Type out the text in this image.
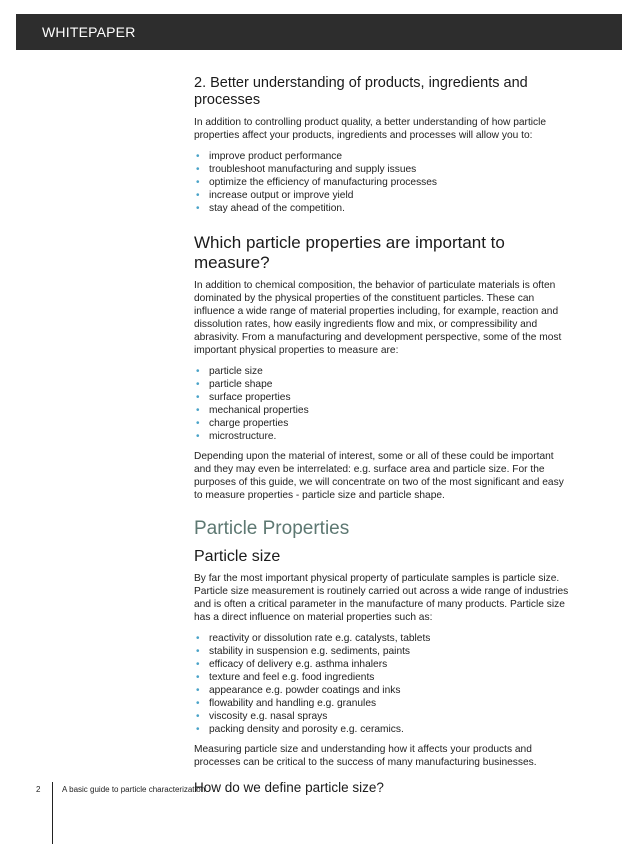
WHITEPAPER
2. Better understanding of products, ingredients and processes

In addition to controlling product quality, a better understanding of how particle properties affect your products, ingredients and processes will allow you to:

• improve product performance
• troubleshoot manufacturing and supply issues
• optimize the efficiency of manufacturing processes
• increase output or improve yield
• stay ahead of the competition.
Which particle properties are important to measure?

In addition to chemical composition, the behavior of particulate materials is often dominated by the physical properties of the constituent particles. These can influence a wide range of material properties including, for example, reaction and dissolution rates, how easily ingredients flow and mix, or compressibility and abrasivity. From a manufacturing and development perspective, some of the most important physical properties to measure are:

• particle size
• particle shape
• surface properties
• mechanical properties
• charge properties
• microstructure.

Depending upon the material of interest, some or all of these could be important and they may even be interrelated: e.g. surface area and particle size. For the purposes of this guide, we will concentrate on two of the most significant and easy to measure properties - particle size and particle shape.

Particle Properties
Particle size

By far the most important physical property of particulate samples is particle size. Particle size measurement is routinely carried out across a wide range of industries and is often a critical parameter in the manufacture of many products. Particle size has a direct influence on material properties such as:

• reactivity or dissolution rate e.g. catalysts, tablets
• stability in suspension e.g. sediments, paints
• efficacy of delivery e.g. asthma inhalers
• texture and feel e.g. food ingredients
• appearance e.g. powder coatings and inks
• flowability and handling e.g. granules
• viscosity e.g. nasal sprays
• packing density and porosity e.g. ceramics.

Measuring particle size and understanding how it affects your products and processes can be critical to the success of many manufacturing businesses.

How do we define particle size?
2	A basic guide to particle characterization
